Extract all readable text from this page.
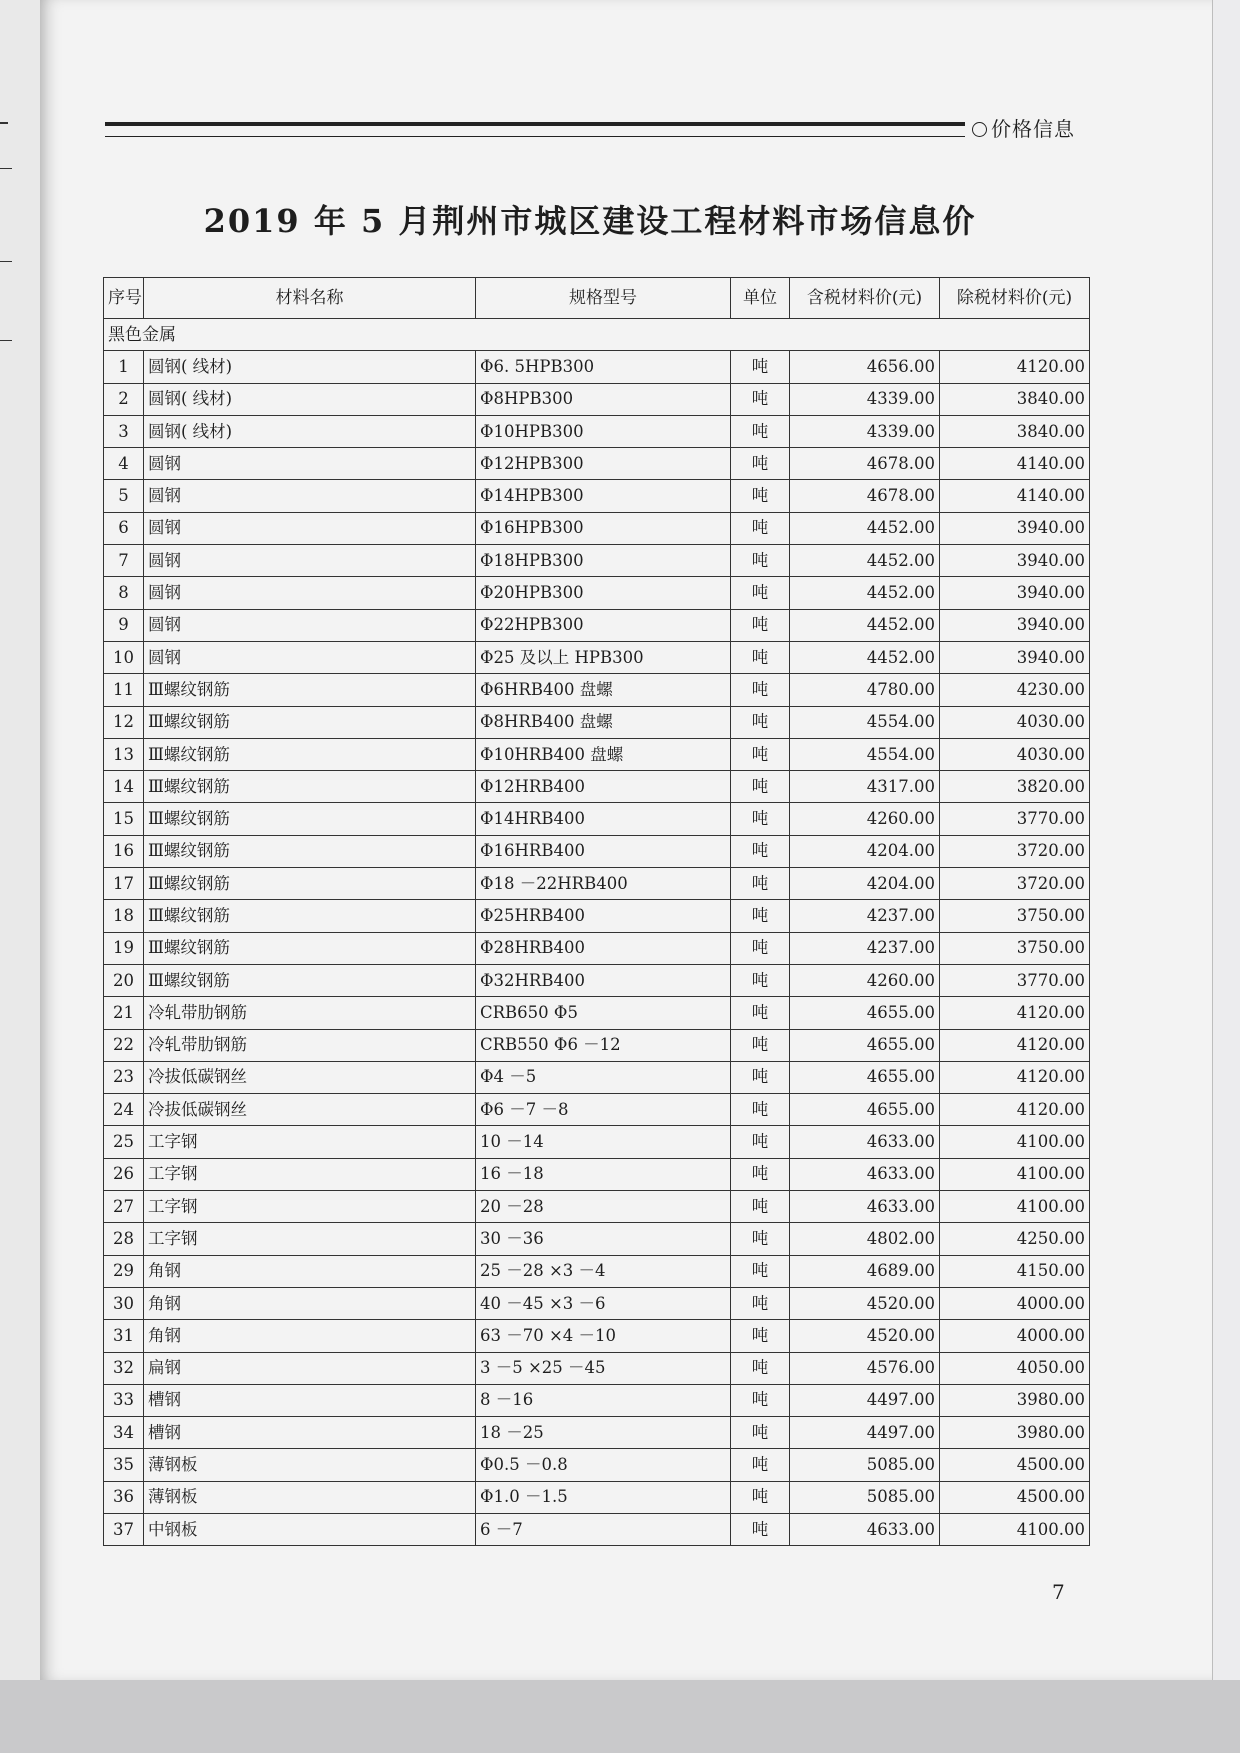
价格信息
2019 年 5 月荆州市城区建设工程材料市场信息价
序号	材料名称	规格型号	单位	含税材料价(元)	除税材料价(元)
黑色金属					
1	圆钢( 线材)	Φ6. 5HPB300	吨	4656.00	4120.00
2	圆钢( 线材)	Φ8HPB300	吨	4339.00	3840.00
3	圆钢( 线材)	Φ10HPB300	吨	4339.00	3840.00
4	圆钢	Φ12HPB300	吨	4678.00	4140.00
5	圆钢	Φ14HPB300	吨	4678.00	4140.00
6	圆钢	Φ16HPB300	吨	4452.00	3940.00
7	圆钢	Φ18HPB300	吨	4452.00	3940.00
8	圆钢	Φ20HPB300	吨	4452.00	3940.00
9	圆钢	Φ22HPB300	吨	4452.00	3940.00
10	圆钢	Φ25 及以上 HPB300	吨	4452.00	3940.00
11	Ⅲ螺纹钢筋	Φ6HRB400 盘螺	吨	4780.00	4230.00
12	Ⅲ螺纹钢筋	Φ8HRB400 盘螺	吨	4554.00	4030.00
13	Ⅲ螺纹钢筋	Φ10HRB400 盘螺	吨	4554.00	4030.00
14	Ⅲ螺纹钢筋	Φ12HRB400	吨	4317.00	3820.00
15	Ⅲ螺纹钢筋	Φ14HRB400	吨	4260.00	3770.00
16	Ⅲ螺纹钢筋	Φ16HRB400	吨	4204.00	3720.00
17	Ⅲ螺纹钢筋	Φ18 －22HRB400	吨	4204.00	3720.00
18	Ⅲ螺纹钢筋	Φ25HRB400	吨	4237.00	3750.00
19	Ⅲ螺纹钢筋	Φ28HRB400	吨	4237.00	3750.00
20	Ⅲ螺纹钢筋	Φ32HRB400	吨	4260.00	3770.00
21	冷轧带肋钢筋	CRB650 Φ5	吨	4655.00	4120.00
22	冷轧带肋钢筋	CRB550 Φ6 －12	吨	4655.00	4120.00
23	冷拔低碳钢丝	Φ4 －5	吨	4655.00	4120.00
24	冷拔低碳钢丝	Φ6 －7 －8	吨	4655.00	4120.00
25	工字钢	10 －14	吨	4633.00	4100.00
26	工字钢	16 －18	吨	4633.00	4100.00
27	工字钢	20 －28	吨	4633.00	4100.00
28	工字钢	30 －36	吨	4802.00	4250.00
29	角钢	25 －28 ×3 －4	吨	4689.00	4150.00
30	角钢	40 －45 ×3 －6	吨	4520.00	4000.00
31	角钢	63 －70 ×4 －10	吨	4520.00	4000.00
32	扁钢	3 －5 ×25 －45	吨	4576.00	4050.00
33	槽钢	8 －16	吨	4497.00	3980.00
34	槽钢	18 －25	吨	4497.00	3980.00
35	薄钢板	Φ0.5 －0.8	吨	5085.00	4500.00
36	薄钢板	Φ1.0 －1.5	吨	5085.00	4500.00
37	中钢板	6 －7	吨	4633.00	4100.00
7
